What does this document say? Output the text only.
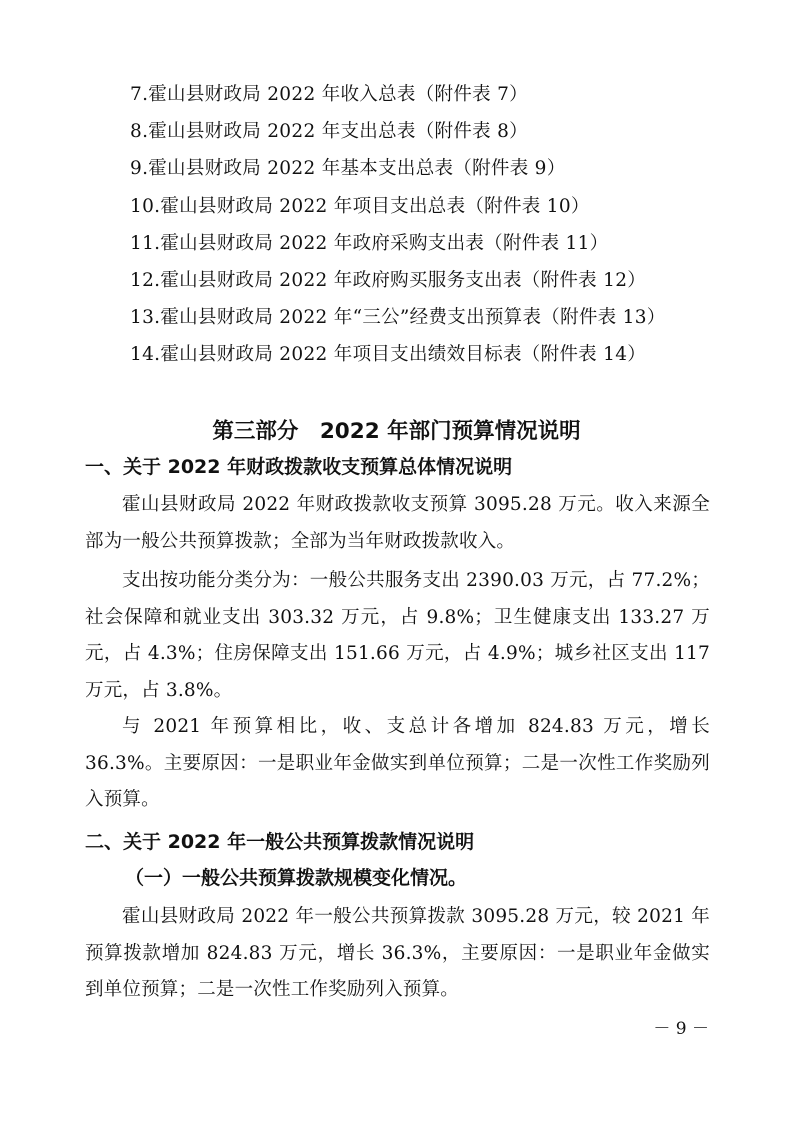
7.霍山县财政局 2022 年收入总表（附件表 7）
8.霍山县财政局 2022 年支出总表（附件表 8）
9.霍山县财政局 2022 年基本支出总表（附件表 9）
10.霍山县财政局 2022 年项目支出总表（附件表 10）
11.霍山县财政局 2022 年政府采购支出表（附件表 11）
12.霍山县财政局 2022 年政府购买服务支出表（附件表 12）
13.霍山县财政局 2022 年“三公”经费支出预算表（附件表 13）
14.霍山县财政局 2022 年项目支出绩效目标表（附件表 14）
第三部分　2022 年部门预算情况说明
一、关于 2022 年财政拨款收支预算总体情况说明

霍山县财政局 2022 年财政拨款收支预算 3095.28 万元。收入来源全部为一般公共预算拨款；全部为当年财政拨款收入。

支出按功能分类分为：一般公共服务支出 2390.03 万元，占 77.2%；社会保障和就业支出 303.32 万元，占 9.8%；卫生健康支出 133.27 万元，占 4.3%；住房保障支出 151.66 万元，占 4.9%；城乡社区支出 117 万元，占 3.8%。

与 2021 年预算相比，收、支总计各增加 824.83 万元，增长 36.3%。主要原因：一是职业年金做实到单位预算；二是一次性工作奖励列入预算。

二、关于 2022 年一般公共预算拨款情况说明
（一）一般公共预算拨款规模变化情况。

霍山县财政局 2022 年一般公共预算拨款 3095.28 万元，较 2021 年预算拨款增加 824.83 万元，增长 36.3%，主要原因：一是职业年金做实到单位预算；二是一次性工作奖励列入预算。

－ 9 －
